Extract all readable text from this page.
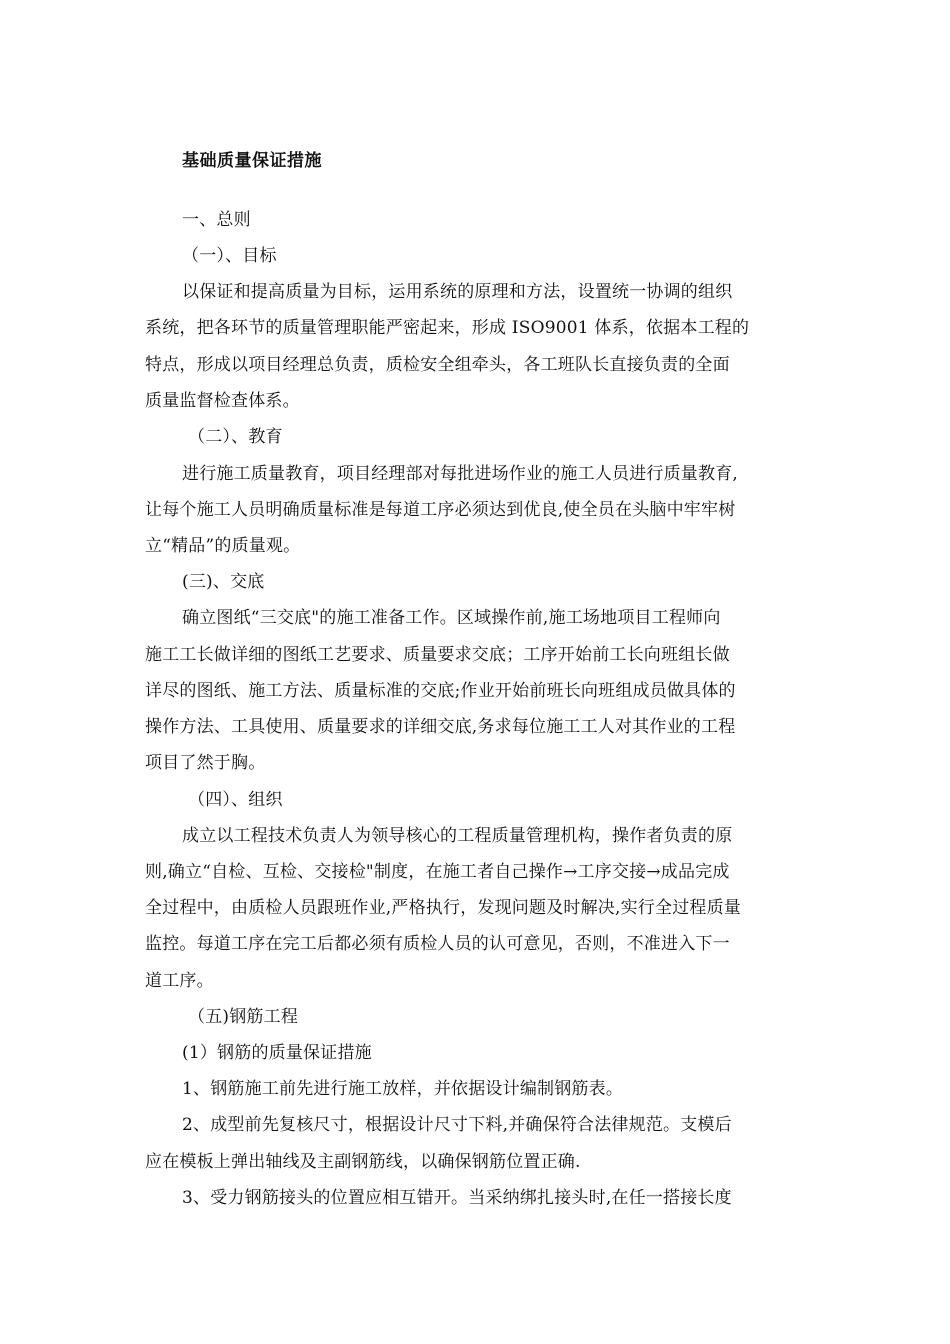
基础质量保证措施
一、总则
（一）、目标
以保证和提高质量为目标，运用系统的原理和方法，设置统一协调的组织
系统，把各环节的质量管理职能严密起来，形成 ISO9001 体系，依据本工程的
特点，形成以项目经理总负责，质检安全组牵头，各工班队长直接负责的全面
质量监督检查体系。
（二）、教育
进行施工质量教育，项目经理部对每批进场作业的施工人员进行质量教育,
让每个施工人员明确质量标准是每道工序必须达到优良,使全员在头脑中牢牢树
立“精品”的质量观。
(三)、交底
确立图纸“三交底"的施工准备工作。区域操作前,施工场地项目工程师向
施工工长做详细的图纸工艺要求、质量要求交底；工序开始前工长向班组长做
详尽的图纸、施工方法、质量标准的交底;作业开始前班长向班组成员做具体的
操作方法、工具使用、质量要求的详细交底,务求每位施工工人对其作业的工程
项目了然于胸。
（四）、组织
成立以工程技术负责人为领导核心的工程质量管理机构，操作者负责的原
则,确立“自检、互检、交接检"制度，在施工者自己操作→工序交接→成品完成
全过程中，由质检人员跟班作业,严格执行，发现问题及时解决,实行全过程质量
监控。每道工序在完工后都必须有质检人员的认可意见，否则，不准进入下一
道工序。
（五)钢筋工程
(1）钢筋的质量保证措施
1、钢筋施工前先进行施工放样，并依据设计编制钢筋表。
2、成型前先复核尺寸，根据设计尺寸下料,并确保符合法律规范。支模后
应在模板上弹出轴线及主副钢筋线，以确保钢筋位置正确.
3、受力钢筋接头的位置应相互错开。当采纳绑扎接头时,在任一搭接长度
